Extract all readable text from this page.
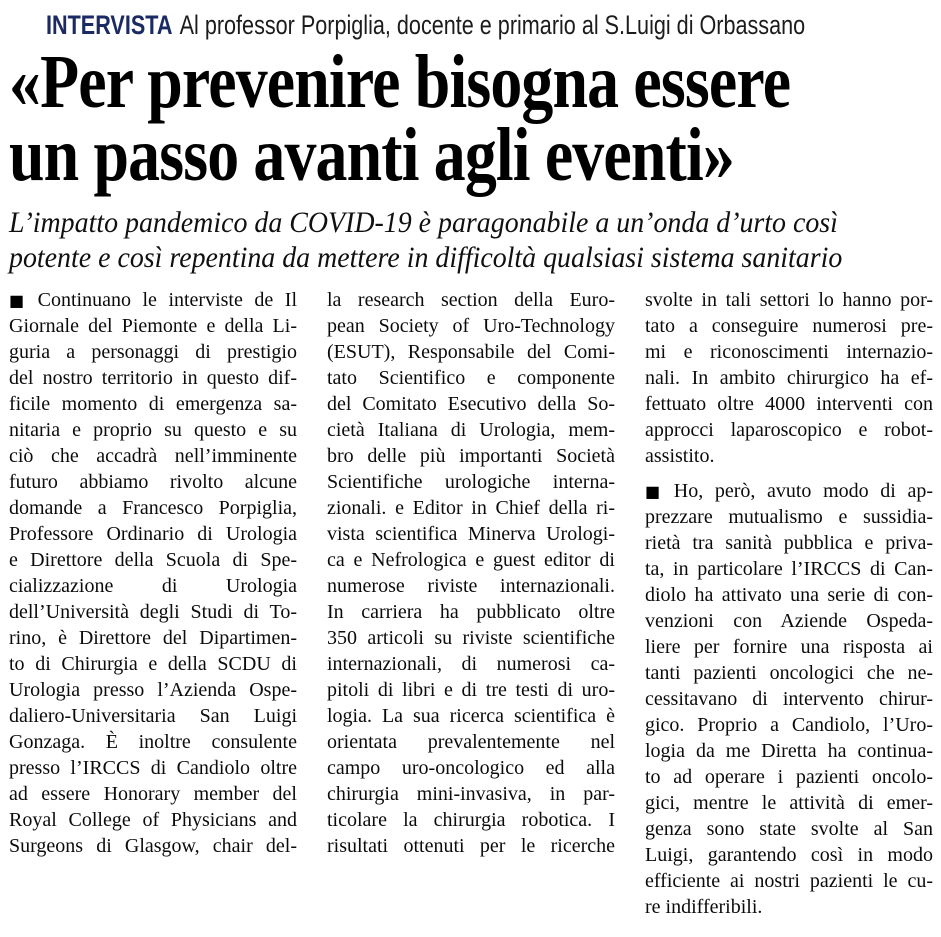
INTERVISTA Al professor Porpiglia, docente e primario al S.Luigi di Orbassano
«Per prevenire bisogna essere
un passo avanti agli eventi»
L’impatto pandemico da COVID-19 è paragonabile a un’onda d’urto così
potente e così repentina da mettere in difficoltà qualsiasi sistema sanitario
■ Continuano le interviste de Il
Giornale del Piemonte e della Li-
guria a personaggi di prestigio
del nostro territorio in questo dif-
ficile momento di emergenza sa-
nitaria e proprio su questo e su
ciò che accadrà nell’imminente
futuro abbiamo rivolto alcune
domande a Francesco Porpiglia,
Professore Ordinario di Urologia
e Direttore della Scuola di Spe-
cializzazione di Urologia
dell’Università degli Studi di To-
rino, è Direttore del Dipartimen-
to di Chirurgia e della SCDU di
Urologia presso l’Azienda Ospe-
daliero-Universitaria San Luigi
Gonzaga. È inoltre consulente
presso l’IRCCS di Candiolo oltre
ad essere Honorary member del
Royal College of Physicians and
Surgeons di Glasgow, chair del-
la research section della Euro-
pean Society of Uro-Technology
(ESUT), Responsabile del Comi-
tato Scientifico e componente
del Comitato Esecutivo della So-
cietà Italiana di Urologia, mem-
bro delle più importanti Società
Scientifiche urologiche interna-
zionali. e Editor in Chief della ri-
vista scientifica Minerva Urologi-
ca e Nefrologica e guest editor di
numerose riviste internazionali.
In carriera ha pubblicato oltre
350 articoli su riviste scientifiche
internazionali, di numerosi ca-
pitoli di libri e di tre testi di uro-
logia. La sua ricerca scientifica è
orientata prevalentemente nel
campo uro-oncologico ed alla
chirurgia mini-invasiva, in par-
ticolare la chirurgia robotica. I
risultati ottenuti per le ricerche
svolte in tali settori lo hanno por-
tato a conseguire numerosi pre-
mi e riconoscimenti internazio-
nali. In ambito chirurgico ha ef-
fettuato oltre 4000 interventi con
approcci laparoscopico e robot-
assistito.
■ Ho, però, avuto modo di ap-
prezzare mutualismo e sussidia-
rietà tra sanità pubblica e priva-
ta, in particolare l’IRCCS di Can-
diolo ha attivato una serie di con-
venzioni con Aziende Ospeda-
liere per fornire una risposta ai
tanti pazienti oncologici che ne-
cessitavano di intervento chirur-
gico. Proprio a Candiolo, l’Uro-
logia da me Diretta ha continua-
to ad operare i pazienti oncolo-
gici, mentre le attività di emer-
genza sono state svolte al San
Luigi, garantendo così in modo
efficiente ai nostri pazienti le cu-
re indifferibili.
